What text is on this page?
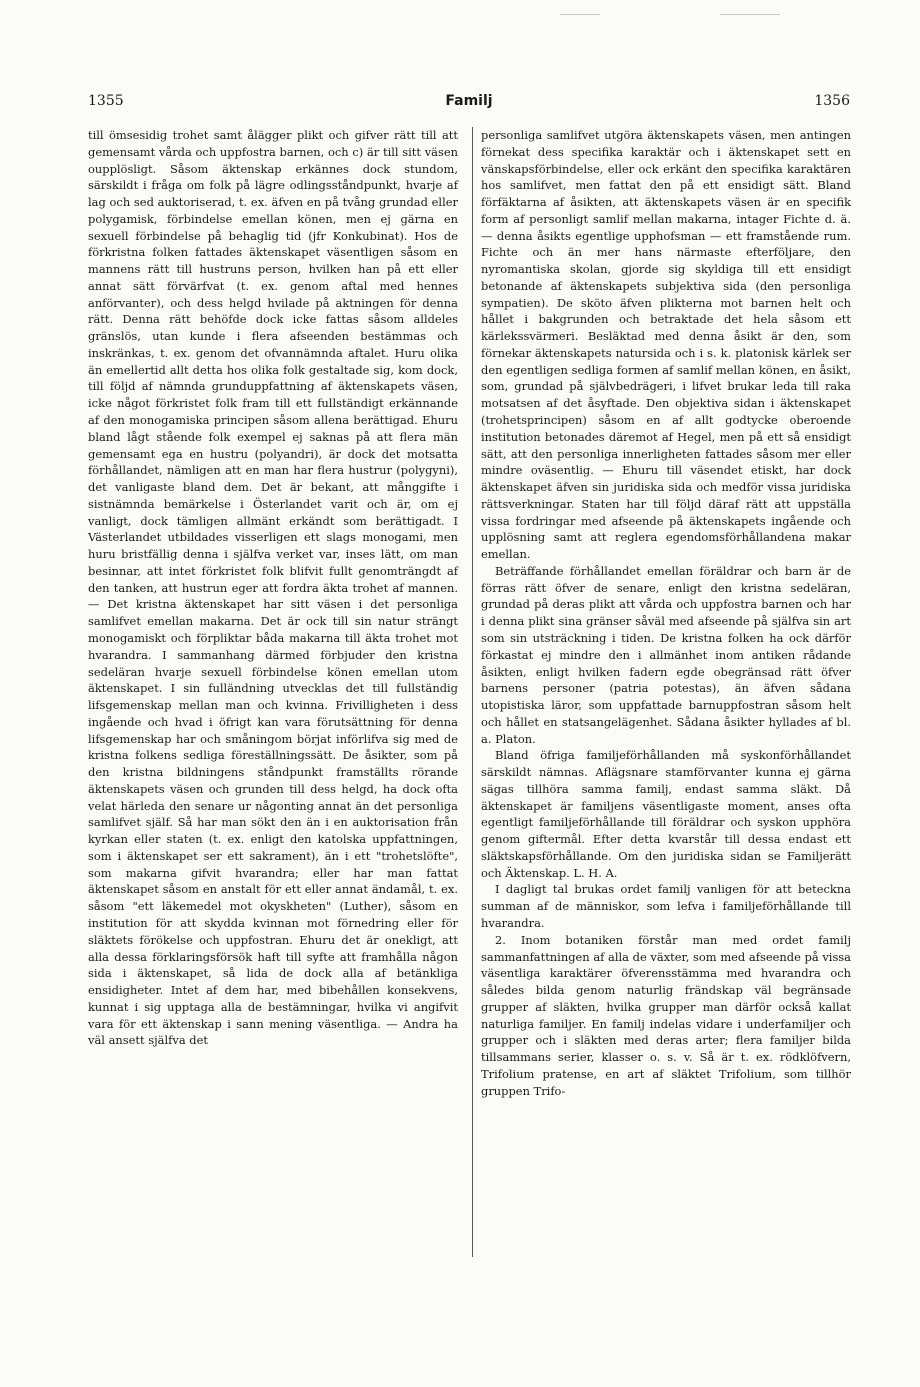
1355	Familj	1356

till ömsesidig trohet samt ålägger plikt och gifver rätt till att gemensamt vårda och uppfostra barnen, och c) är till sitt väsen oupplösligt. Såsom äktenskap erkännes dock stundom, särskildt i fråga om folk på lägre odlingsståndpunkt, hvarje af lag och sed auktoriserad, t. ex. äfven en på tvång grundad eller polygamisk, förbindelse emellan könen, men ej gärna en sexuell förbindelse på behaglig tid (jfr Konkubinat). Hos de förkristna folken fattades äktenskapet väsentligen såsom en mannens rätt till hustruns person, hvilken han på ett eller annat sätt förvärfvat (t. ex. genom aftal med hennes anförvanter), och dess helgd hvilade på aktningen för denna rätt. Denna rätt behöfde dock icke fattas såsom alldeles gränslös, utan kunde i flera afseenden bestämmas och inskränkas, t. ex. genom det ofvannämnda aftalet. Huru olika än emellertid allt detta hos olika folk gestaltade sig, kom dock, till följd af nämnda grunduppfattning af äktenskapets väsen, icke något förkristet folk fram till ett fullständigt erkännande af den monogamiska principen såsom allena berättigad. Ehuru bland lågt stående folk exempel ej saknas på att flera män gemensamt ega en hustru (polyandri), är dock det motsatta förhållandet, nämligen att en man har flera hustrur (polygyni), det vanligaste bland dem. Det är bekant, att månggifte i sistnämnda bemärkelse i Österlandet varit och är, om ej vanligt, dock tämligen allmänt erkändt som berättigadt. I Västerlandet utbildades visserligen ett slags monogami, men huru bristfällig denna i själfva verket var, inses lätt, om man besinnar, att intet förkristet folk blifvit fullt genomträngdt af den tanken, att hustrun eger att fordra äkta trohet af mannen. — Det kristna äktenskapet har sitt väsen i det personliga samlifvet emellan makarna. Det är ock till sin natur strängt monogamiskt och förpliktar båda makarna till äkta trohet mot hvarandra. I sammanhang därmed förbjuder den kristna sedeläran hvarje sexuell förbindelse könen emellan utom äktenskapet. I sin fulländning utvecklas det till fullständig lifsgemenskap mellan man och kvinna. Frivilligheten i dess ingående och hvad i öfrigt kan vara förutsättning för denna lifsgemenskap har och småningom börjat införlifva sig med de kristna folkens sedliga föreställningssätt. De åsikter, som på den kristna bildningens ståndpunkt framställts rörande äktenskapets väsen och grunden till dess helgd, ha dock ofta velat härleda den senare ur någonting annat än det personliga samlifvet själf. Så har man sökt den än i en auktorisation från kyrkan eller staten (t. ex. enligt den katolska uppfattningen, som i äktenskapet ser ett sakrament), än i ett "trohetslöfte", som makarna gifvit hvarandra; eller har man fattat äktenskapet såsom en anstalt för ett eller annat ändamål, t. ex. såsom "ett läkemedel mot okyskheten" (Luther), såsom en institution för att skydda kvinnan mot förnedring eller för släktets förökelse och uppfostran. Ehuru det är onekligt, att alla dessa förklaringsförsök haft till syfte att framhålla någon sida i äktenskapet, så lida de dock alla af betänkliga ensidigheter. Intet af dem har, med bibehållen konsekvens, kunnat i sig upptaga alla de bestämningar, hvilka vi angifvit vara för ett äktenskap i sann mening väsentliga. — Andra ha väl ansett själfva det

personliga samlifvet utgöra äktenskapets väsen, men antingen förnekat dess specifika karaktär och i äktenskapet sett en vänskapsförbindelse, eller ock erkänt den specifika karaktären hos samlifvet, men fattat den på ett ensidigt sätt. Bland förfäktarna af åsikten, att äktenskapets väsen är en specifik form af personligt samlif mellan makarna, intager Fichte d. ä. — denna åsikts egentlige upphofsman — ett framstående rum. Fichte och än mer hans närmaste efterföljare, den nyromantiska skolan, gjorde sig skyldiga till ett ensidigt betonande af äktenskapets subjektiva sida (den personliga sympatien). De sköto äfven plikterna mot barnen helt och hållet i bakgrunden och betraktade det hela såsom ett kärlekssvärmeri. Besläktad med denna åsikt är den, som förnekar äktenskapets natursida och i s. k. platonisk kärlek ser den egentligen sedliga formen af samlif mellan könen, en åsikt, som, grundad på självbedrägeri, i lifvet brukar leda till raka motsatsen af det åsyftade. Den objektiva sidan i äktenskapet (trohetsprincipen) såsom en af allt godtycke oberoende institution betonades däremot af Hegel, men på ett så ensidigt sätt, att den personliga innerligheten fattades såsom mer eller mindre oväsentlig. — Ehuru till väsendet etiskt, har dock äktenskapet äfven sin juridiska sida och medför vissa juridiska rättsverkningar. Staten har till följd däraf rätt att uppställa vissa fordringar med afseende på äktenskapets ingående och upplösning samt att reglera egendomsförhållandena makar emellan.

Beträffande förhållandet emellan föräldrar och barn är de förras rätt öfver de senare, enligt den kristna sedeläran, grundad på deras plikt att vårda och uppfostra barnen och har i denna plikt sina gränser såväl med afseende på själfva sin art som sin utsträckning i tiden. De kristna folken ha ock därför förkastat ej mindre den i allmänhet inom antiken rådande åsikten, enligt hvilken fadern egde obegränsad rätt öfver barnens personer (patria potestas), än äfven sådana utopistiska läror, som uppfattade barnuppfostran såsom helt och hållet en statsangelägenhet. Sådana åsikter hyllades af bl. a. Platon.

Bland öfriga familjeförhållanden må syskonförhållandet särskildt nämnas. Aflägsnare stamförvanter kunna ej gärna sägas tillhöra samma familj, endast samma släkt. Då äktenskapet är familjens väsentligaste moment, anses ofta egentligt familjeförhållande till föräldrar och syskon upphöra genom giftermål. Efter detta kvarstår till dessa endast ett släktskapsförhållande. Om den juridiska sidan se Familjerätt och Äktenskap. L. H. A.

I dagligt tal brukas ordet familj vanligen för att beteckna summan af de människor, som lefva i familjeförhållande till hvarandra.

2. Inom botaniken förstår man med ordet familj sammanfattningen af alla de växter, som med afseende på vissa väsentliga karaktärer öfverensstämma med hvarandra och således bilda genom naturlig frändskap väl begränsade grupper af släkten, hvilka grupper man därför också kallat naturliga familjer. En familj indelas vidare i underfamiljer och grupper och i släkten med deras arter; flera familjer bilda tillsammans serier, klasser o. s. v. Så är t. ex. rödklöfvern, Trifolium pratense, en art af släktet Trifolium, som tillhör gruppen Trifo-
